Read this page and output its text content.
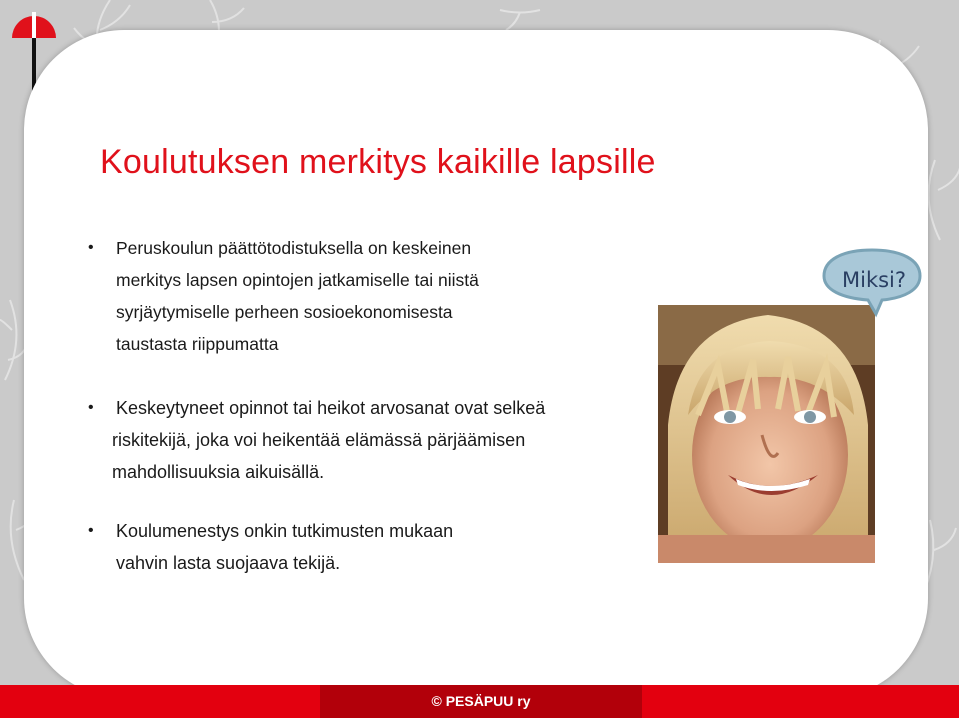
Koulutuksen merkitys kaikille lapsille
•	Peruskoulun päättötodistuksella on keskeinen
merkitys lapsen opintojen jatkamiselle tai niistä
syrjäytymiselle perheen sosioekonomisesta
taustasta riippumatta
•	Keskeytyneet opinnot tai heikot arvosanat ovat selkeä
riskitekijä, joka voi heikentää elämässä pärjäämisen
mahdollisuuksia aikuisällä.
•	Koulumenestys onkin tutkimusten mukaan
vahvin lasta suojaava tekijä.
Miksi?
© PESÄPUU ry
